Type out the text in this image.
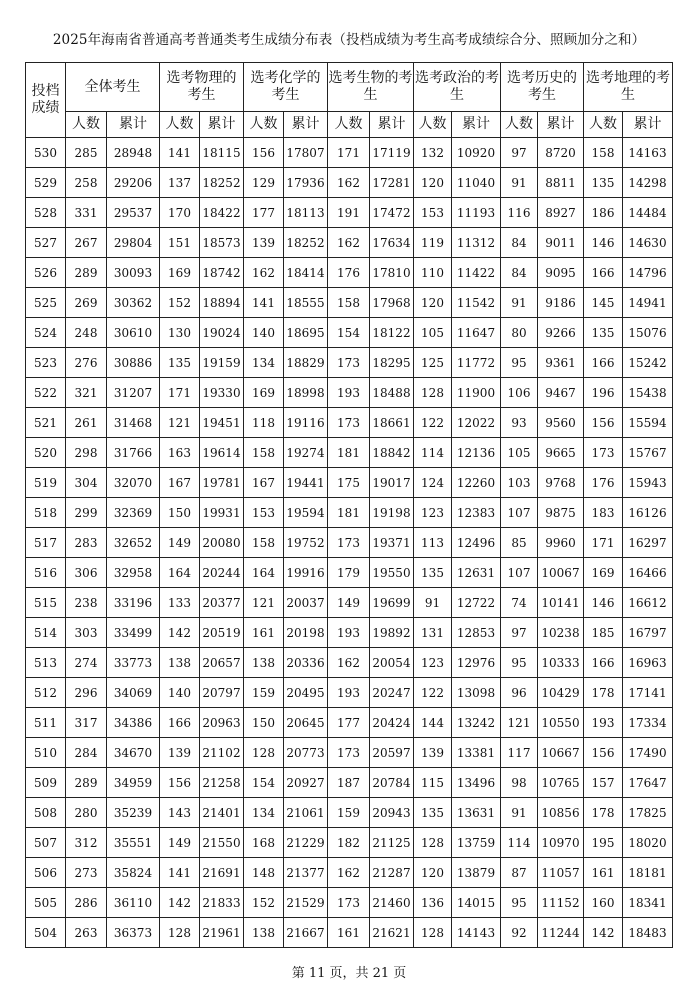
2025年海南省普通高考普通类考生成绩分布表（投档成绩为考生高考成绩综合分、照顾加分之和）
投档成绩	全体考生		选考物理的考生		选考化学的考生		选考生物的考生		选考政治的考生		选考历史的考生		选考地理的考生	
	人数	累计	人数	累计	人数	累计	人数	累计	人数	累计	人数	累计	人数	累计
530	285	28948	141	18115	156	17807	171	17119	132	10920	97	8720	158	14163
529	258	29206	137	18252	129	17936	162	17281	120	11040	91	8811	135	14298
528	331	29537	170	18422	177	18113	191	17472	153	11193	116	8927	186	14484
527	267	29804	151	18573	139	18252	162	17634	119	11312	84	9011	146	14630
526	289	30093	169	18742	162	18414	176	17810	110	11422	84	9095	166	14796
525	269	30362	152	18894	141	18555	158	17968	120	11542	91	9186	145	14941
524	248	30610	130	19024	140	18695	154	18122	105	11647	80	9266	135	15076
523	276	30886	135	19159	134	18829	173	18295	125	11772	95	9361	166	15242
522	321	31207	171	19330	169	18998	193	18488	128	11900	106	9467	196	15438
521	261	31468	121	19451	118	19116	173	18661	122	12022	93	9560	156	15594
520	298	31766	163	19614	158	19274	181	18842	114	12136	105	9665	173	15767
519	304	32070	167	19781	167	19441	175	19017	124	12260	103	9768	176	15943
518	299	32369	150	19931	153	19594	181	19198	123	12383	107	9875	183	16126
517	283	32652	149	20080	158	19752	173	19371	113	12496	85	9960	171	16297
516	306	32958	164	20244	164	19916	179	19550	135	12631	107	10067	169	16466
515	238	33196	133	20377	121	20037	149	19699	91	12722	74	10141	146	16612
514	303	33499	142	20519	161	20198	193	19892	131	12853	97	10238	185	16797
513	274	33773	138	20657	138	20336	162	20054	123	12976	95	10333	166	16963
512	296	34069	140	20797	159	20495	193	20247	122	13098	96	10429	178	17141
511	317	34386	166	20963	150	20645	177	20424	144	13242	121	10550	193	17334
510	284	34670	139	21102	128	20773	173	20597	139	13381	117	10667	156	17490
509	289	34959	156	21258	154	20927	187	20784	115	13496	98	10765	157	17647
508	280	35239	143	21401	134	21061	159	20943	135	13631	91	10856	178	17825
507	312	35551	149	21550	168	21229	182	21125	128	13759	114	10970	195	18020
506	273	35824	141	21691	148	21377	162	21287	120	13879	87	11057	161	18181
505	286	36110	142	21833	152	21529	173	21460	136	14015	95	11152	160	18341
504	263	36373	128	21961	138	21667	161	21621	128	14143	92	11244	142	18483
第 11 页，共 21 页
